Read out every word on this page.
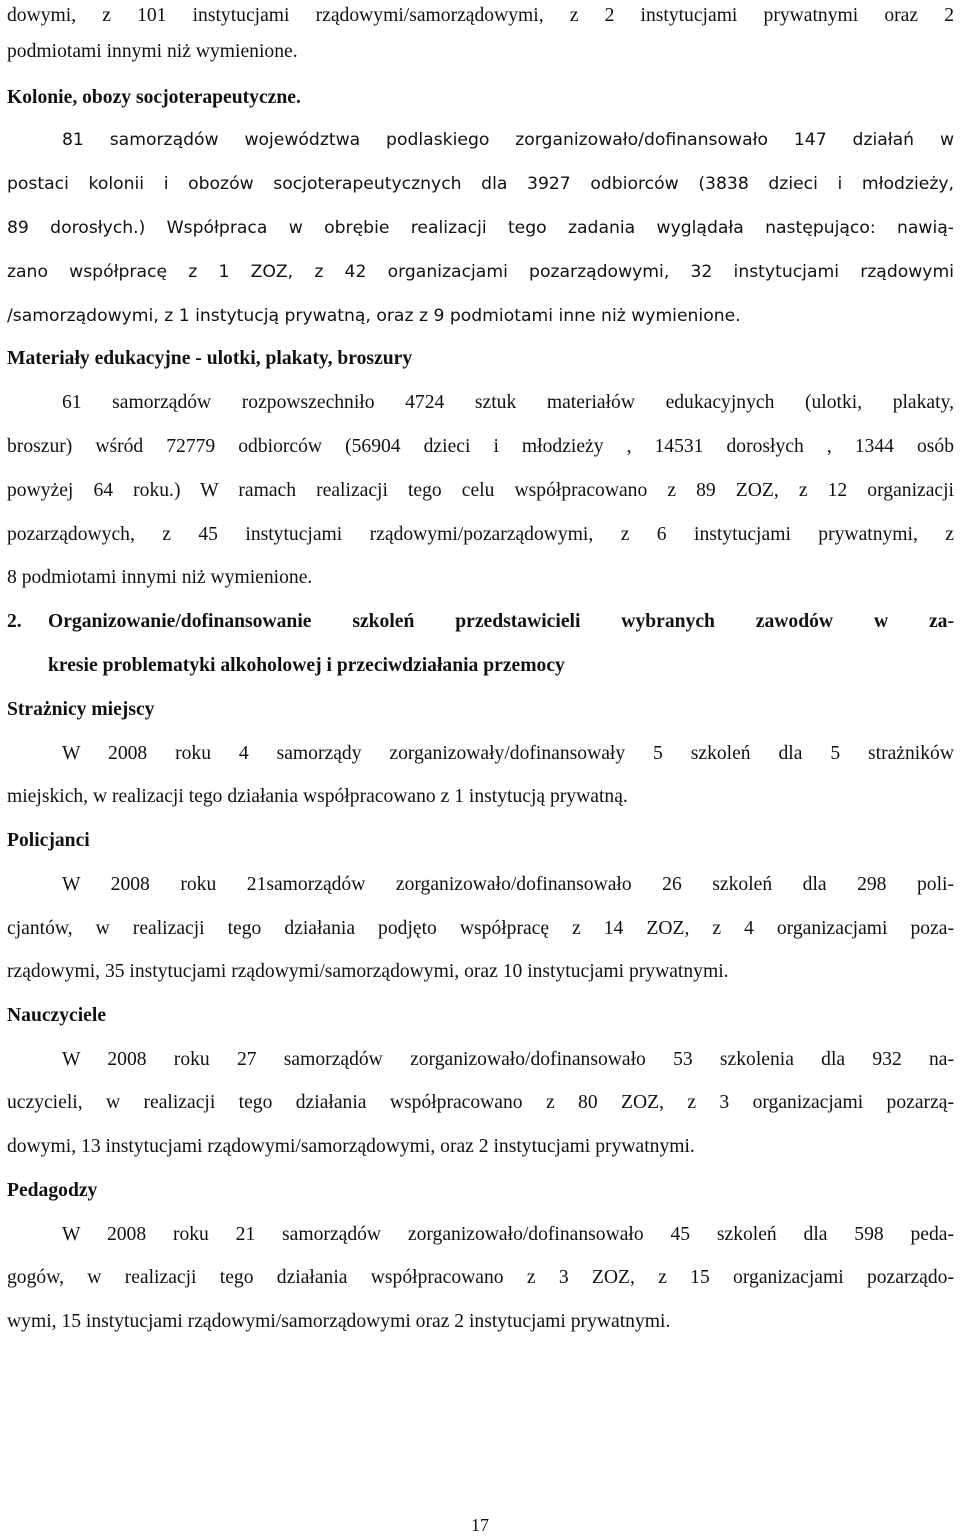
dowymi, z 101 instytucjami rządowymi/samorządowymi, z 2 instytucjami prywatnymi oraz 2
podmiotami innymi niż wymienione.
Kolonie, obozy socjoterapeutyczne.
81 samorządów województwa podlaskiego zorganizowało/dofinansowało 147 działań w
postaci kolonii i obozów socjoterapeutycznych dla 3927 odbiorców (3838 dzieci i młodzieży,
89 dorosłych.) Współpraca w obrębie realizacji tego zadania wyglądała następująco: nawią-
zano współpracę z 1 ZOZ, z 42 organizacjami pozarządowymi, 32 instytucjami rządowymi
/samorządowymi, z 1 instytucją prywatną, oraz z 9 podmiotami inne niż wymienione.
Materiały edukacyjne - ulotki, plakaty, broszury
61 samorządów rozpowszechniło 4724 sztuk materiałów edukacyjnych (ulotki, plakaty,
broszur) wśród 72779 odbiorców (56904 dzieci i młodzieży , 14531 dorosłych , 1344 osób
powyżej 64 roku.) W ramach realizacji tego celu współpracowano z 89 ZOZ, z 12 organizacji
pozarządowych, z 45 instytucjami rządowymi/pozarządowymi, z 6 instytucjami prywatnymi, z
8 podmiotami innymi niż wymienione.
2. Organizowanie/dofinansowanie szkoleń przedstawicieli wybranych zawodów w za-
kresie problematyki alkoholowej i przeciwdziałania przemocy
Strażnicy miejscy
W 2008 roku 4 samorządy zorganizowały/dofinansowały 5 szkoleń dla 5 strażników
miejskich, w realizacji tego działania współpracowano z 1 instytucją prywatną.
Policjanci
W 2008 roku 21samorządów zorganizowało/dofinansowało 26 szkoleń dla 298 poli-
cjantów, w realizacji tego działania podjęto współpracę z 14 ZOZ, z 4 organizacjami poza-
rządowymi, 35 instytucjami rządowymi/samorządowymi, oraz 10 instytucjami prywatnymi.
Nauczyciele
W 2008 roku 27 samorządów zorganizowało/dofinansowało 53 szkolenia dla 932 na-
uczycieli, w realizacji tego działania współpracowano z 80 ZOZ, z 3 organizacjami pozarzą-
dowymi, 13 instytucjami rządowymi/samorządowymi, oraz 2 instytucjami prywatnymi.
Pedagodzy
W 2008 roku 21 samorządów zorganizowało/dofinansowało 45 szkoleń dla 598 peda-
gogów, w realizacji tego działania współpracowano z 3 ZOZ, z 15 organizacjami pozarządo-
wymi, 15 instytucjami rządowymi/samorządowymi oraz 2 instytucjami prywatnymi.
17
